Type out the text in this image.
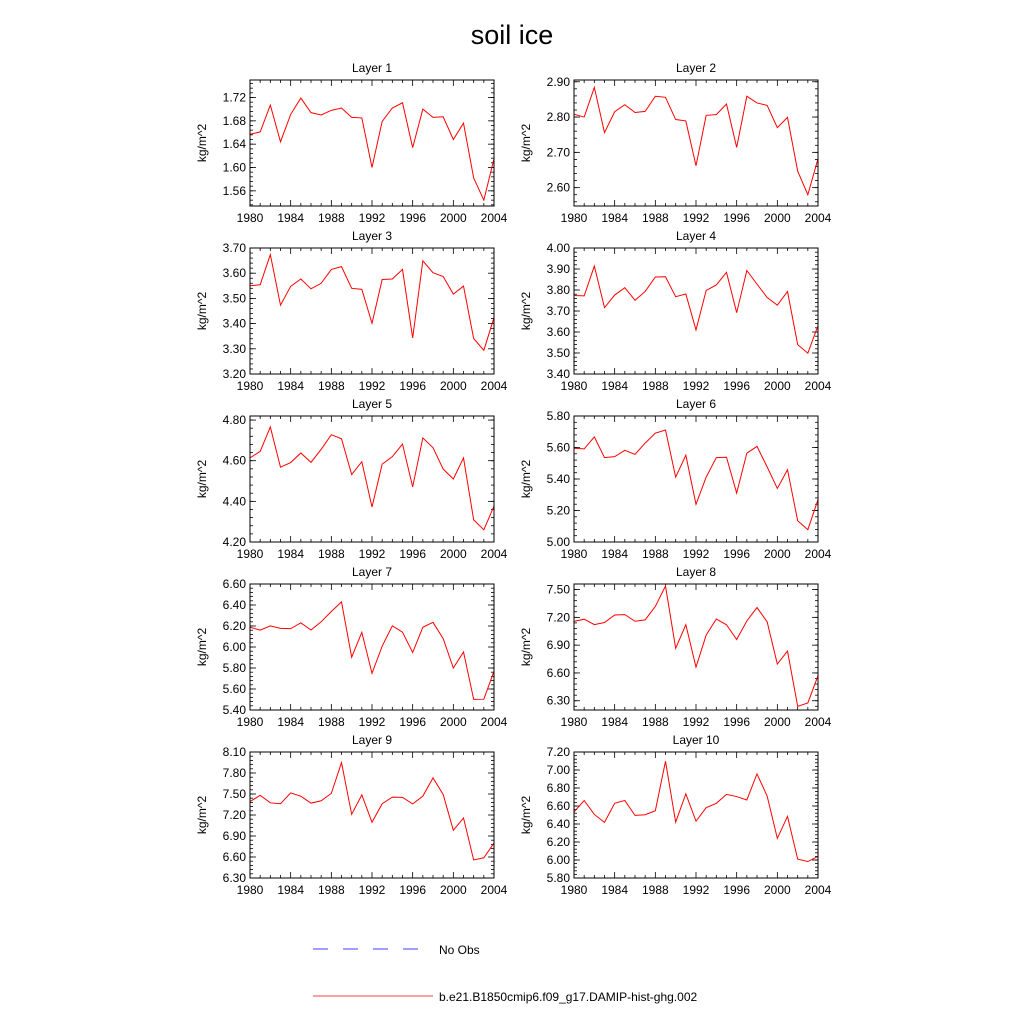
soil ice
Layer 1
kg/m^2
1980 1984 1988 1992 1996 2000 2004
1.56
1.60
1.64
1.68
1.72
Layer 2
kg/m^2
1980 1984 1988 1992 1996 2000 2004
2.60
2.70
2.80
2.90
Layer 3
kg/m^2
1980 1984 1988 1992 1996 2000 2004
3.20
3.30
3.40
3.50
3.60
3.70
Layer 4
kg/m^2
1980 1984 1988 1992 1996 2000 2004
3.40
3.50
3.60
3.70
3.80
3.90
4.00
Layer 5
kg/m^2
1980 1984 1988 1992 1996 2000 2004
4.20
4.40
4.60
4.80
Layer 6
kg/m^2
1980 1984 1988 1992 1996 2000 2004
5.00
5.20
5.40
5.60
5.80
Layer 7
kg/m^2
1980 1984 1988 1992 1996 2000 2004
5.40
5.60
5.80
6.00
6.20
6.40
6.60
Layer 8
kg/m^2
1980 1984 1988 1992 1996 2000 2004
6.30
6.60
6.90
7.20
7.50
Layer 9
kg/m^2
1980 1984 1988 1992 1996 2000 2004
6.30
6.60
6.90
7.20
7.50
7.80
8.10
Layer 10
kg/m^2
1980 1984 1988 1992 1996 2000 2004
5.80
6.00
6.20
6.40
6.60
6.80
7.00
7.20
No Obs
b.e21.B1850cmip6.f09_g17.DAMIP-hist-ghg.002
